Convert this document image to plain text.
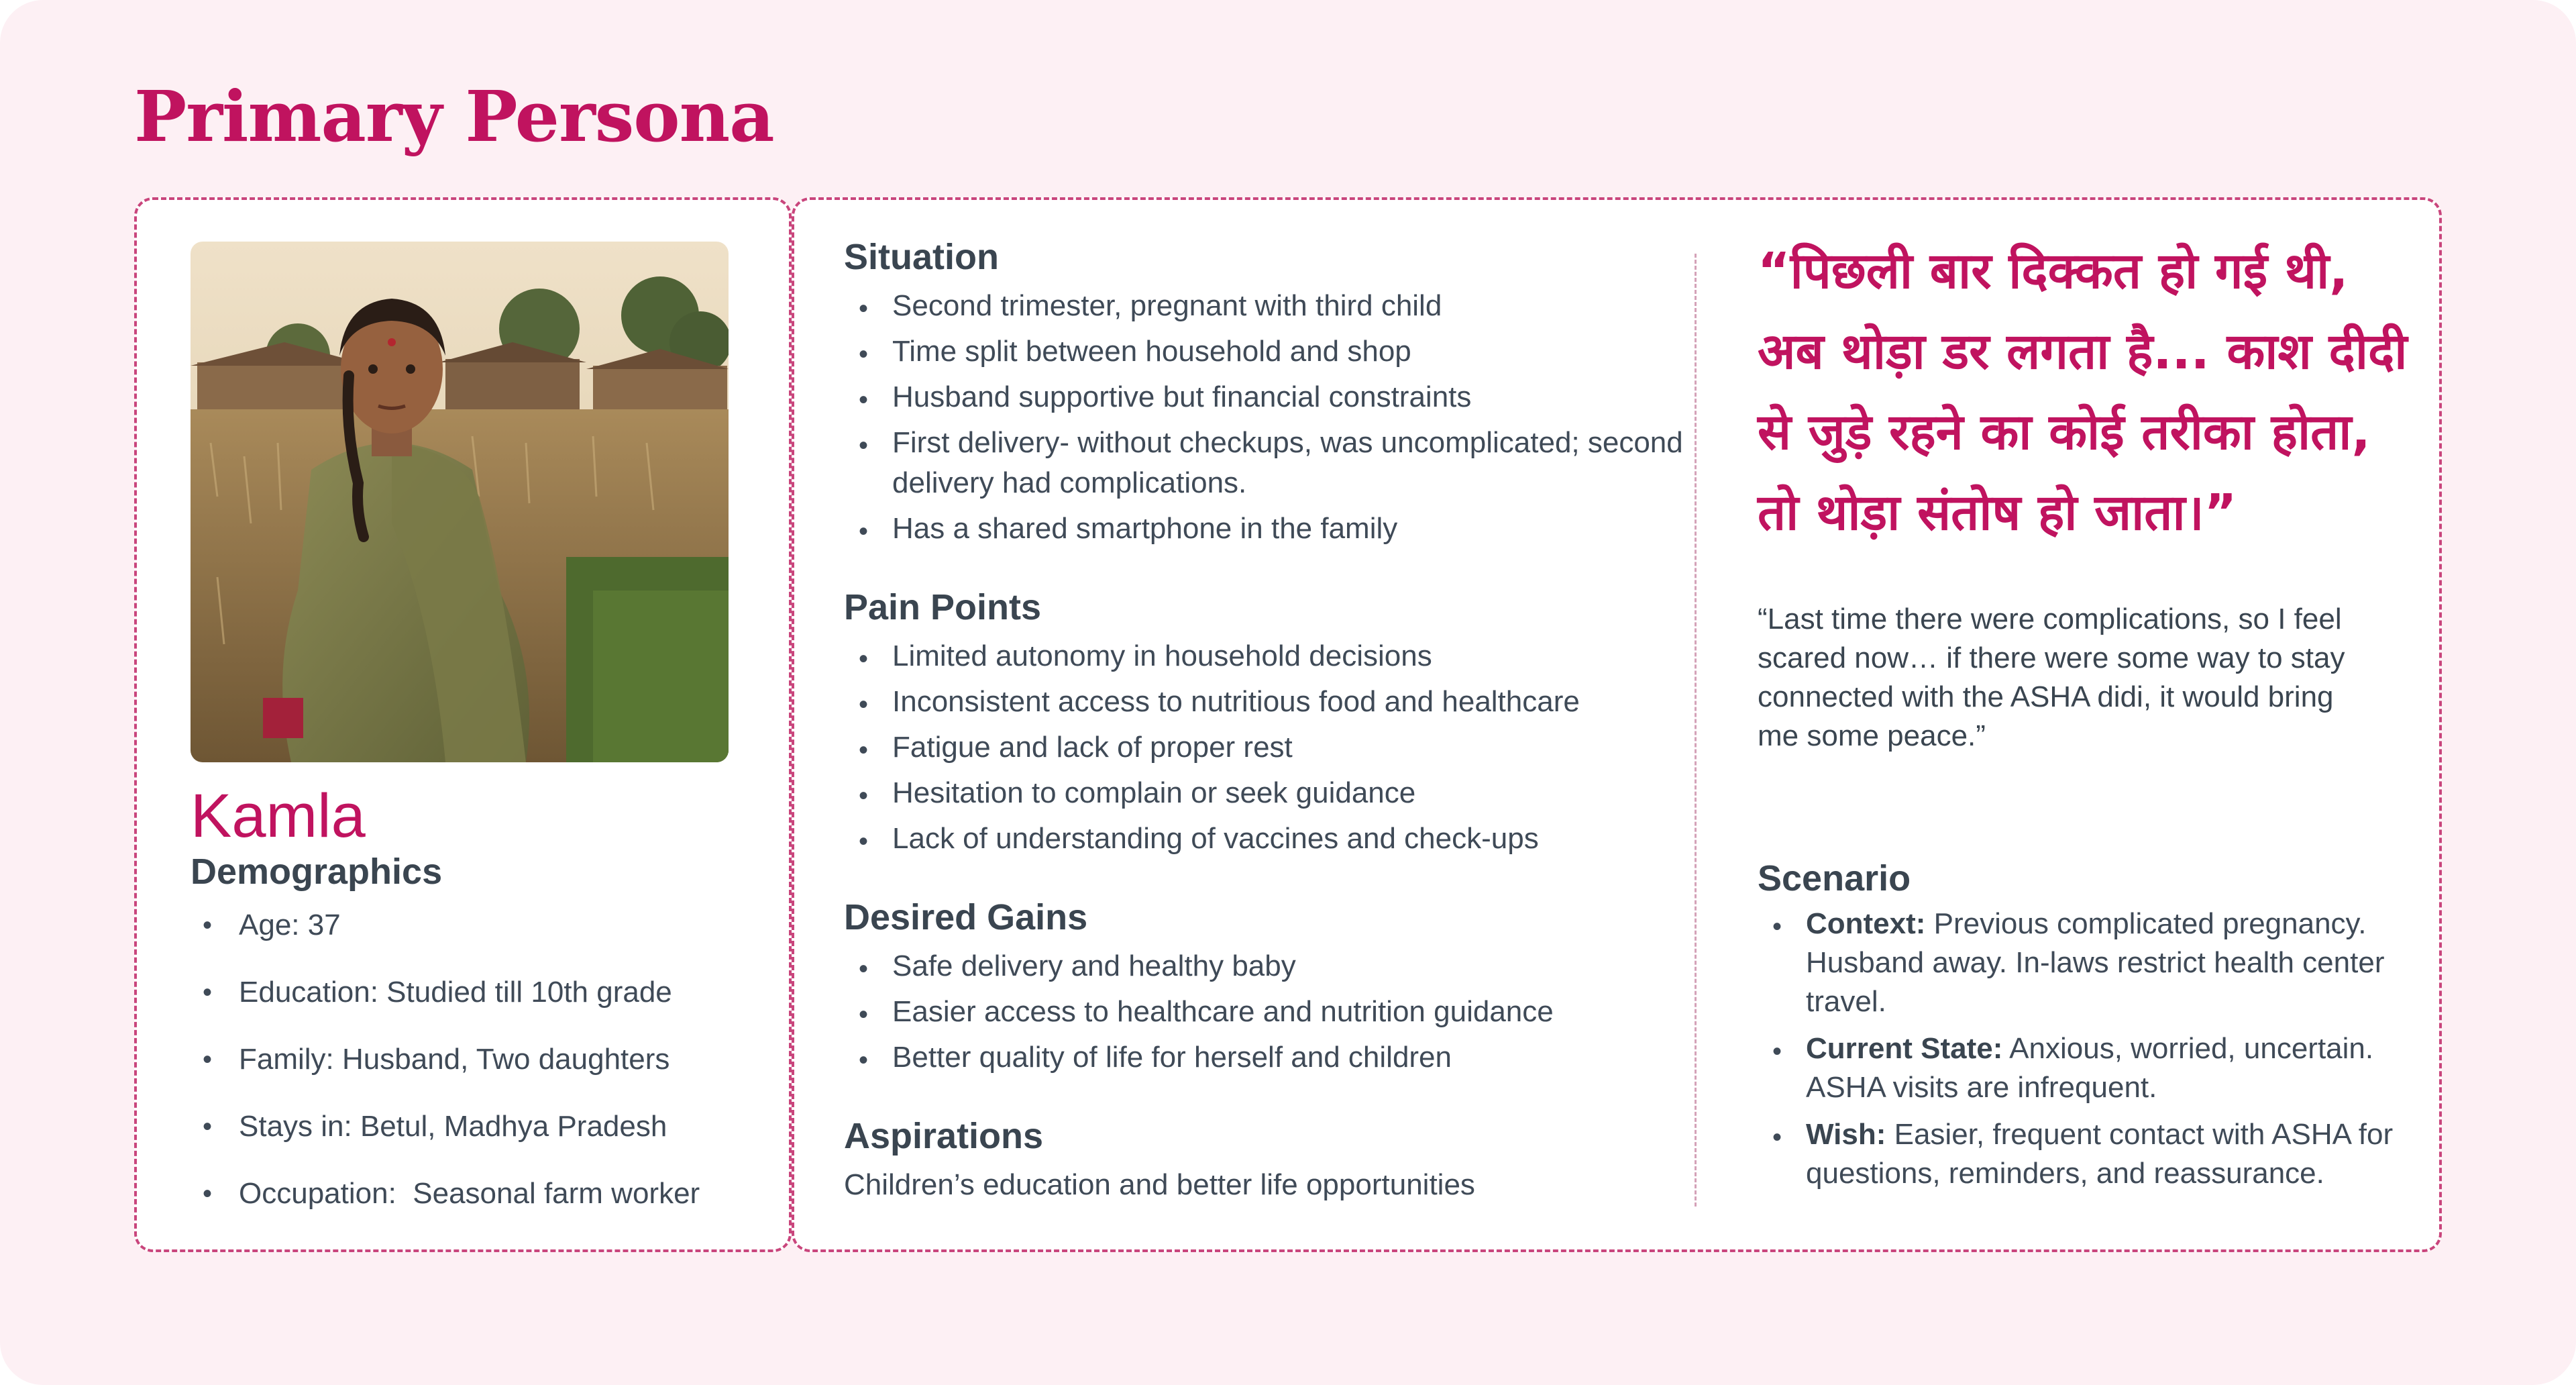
Primary Persona
Kamla
Demographics
• Age: 37
• Education: Studied till 10th grade
• Family: Husband, Two daughters
• Stays in: Betul, Madhya Pradesh
• Occupation:  Seasonal farm worker
Situation
• Second trimester, pregnant with third child
• Time split between household and shop
• Husband supportive but financial constraints
• First delivery- without checkups, was uncomplicated; second delivery had complications.
• Has a shared smartphone in the family
Pain Points
• Limited autonomy in household decisions
• Inconsistent access to nutritious food and healthcare
• Fatigue and lack of proper rest
• Hesitation to complain or seek guidance
• Lack of understanding of vaccines and check-ups
Desired Gains
• Safe delivery and healthy baby
• Easier access to healthcare and nutrition guidance
• Better quality of life for herself and children
Aspirations
Children’s education and better life opportunities
“पिछली बार दिक्कत हो गई थी, अब थोड़ा डर लगता है... काश दीदी से जुड़े रहने का कोई तरीका होता, तो थोड़ा संतोष हो जाता।”
“Last time there were complications, so I feel scared now… if there were some way to stay connected with the ASHA didi, it would bring me some peace.”
Scenario
• Context: Previous complicated pregnancy. Husband away. In-laws restrict health center travel.
• Current State: Anxious, worried, uncertain. ASHA visits are infrequent.
• Wish: Easier, frequent contact with ASHA for questions, reminders, and reassurance.
